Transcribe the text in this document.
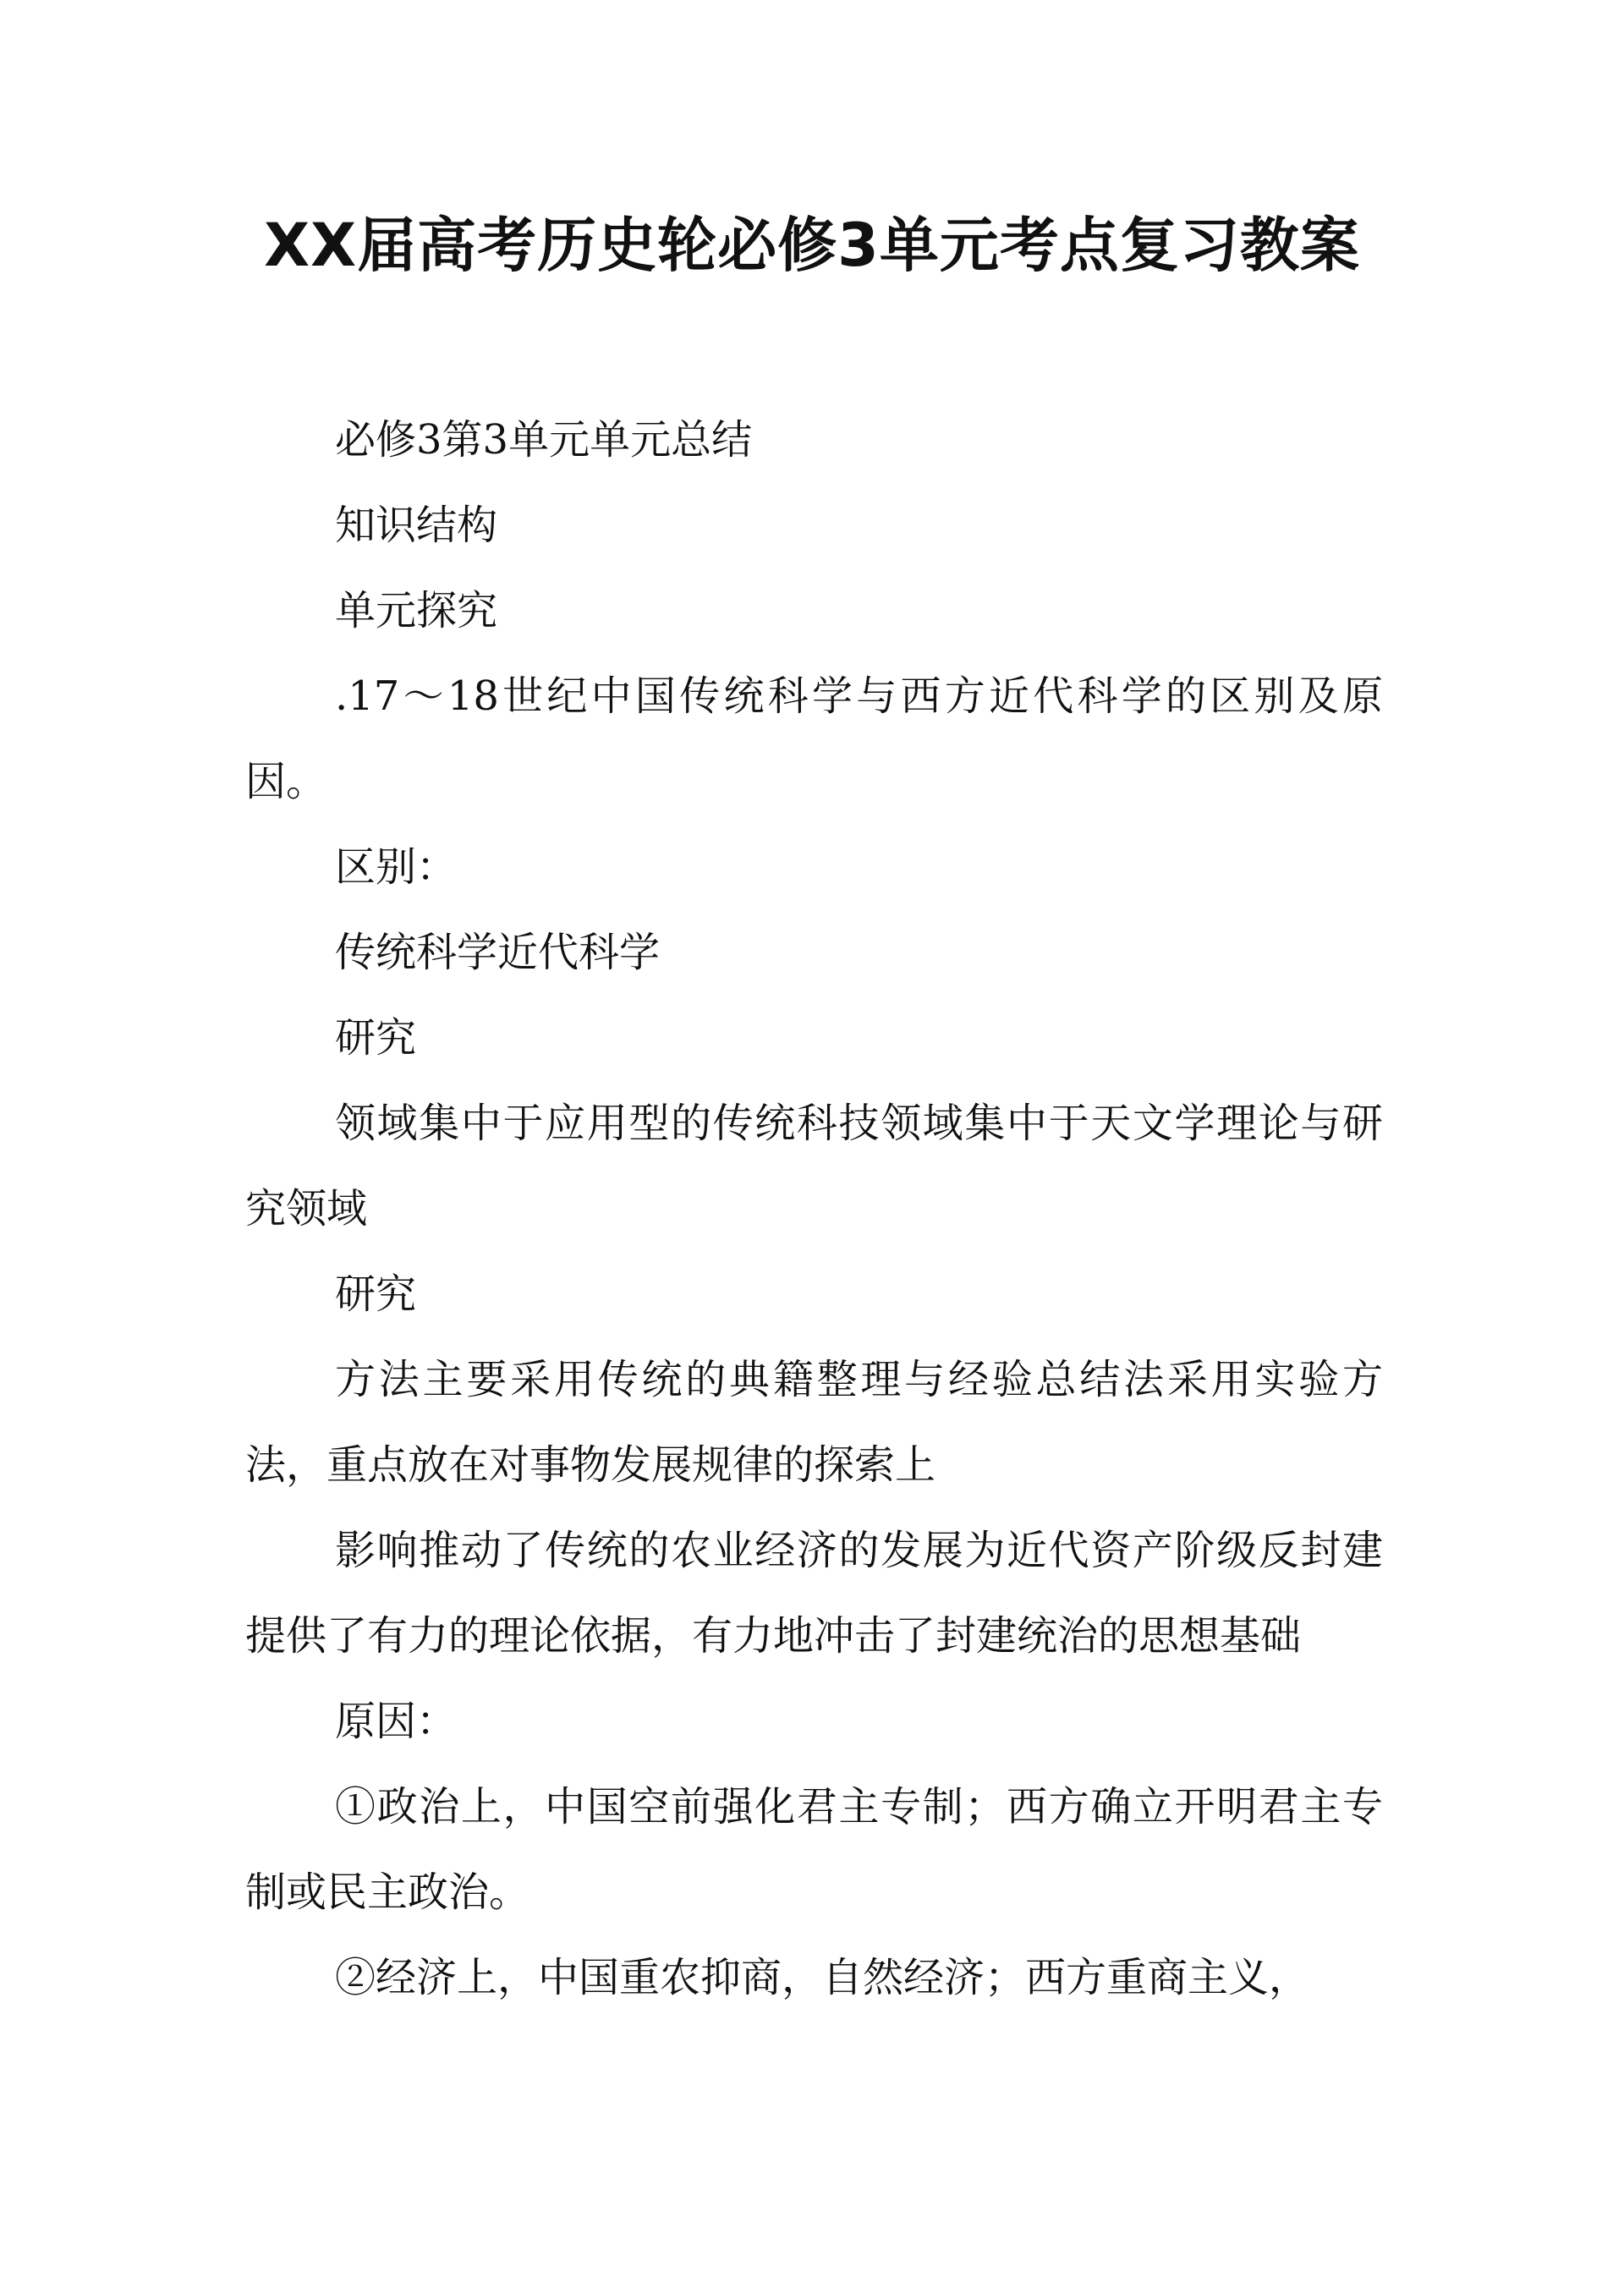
XX届高考历史轮必修3单元考点复习教案

必修3第3单元单元总结

知识结构

单元探究

.17～18世纪中国传统科学与西方近代科学的区别及原因。

区别：

传统科学近代科学

研究

领域集中于应用型的传统科技领域集中于天文学理论与研究领域

研究

方法主要采用传统的典籍整理与经验总结法采用实验方法，重点放在对事物发展规律的探索上

影响推动了传统的农业经济的发展为近代资产阶级反封建提供了有力的理论依据，有力地冲击了封建统治的思想基础

原因：

①政治上，中国空前强化君主专制；西方确立开明君主专制或民主政治。

②经济上，中国重农抑商，自然经济；西方重商主义，
